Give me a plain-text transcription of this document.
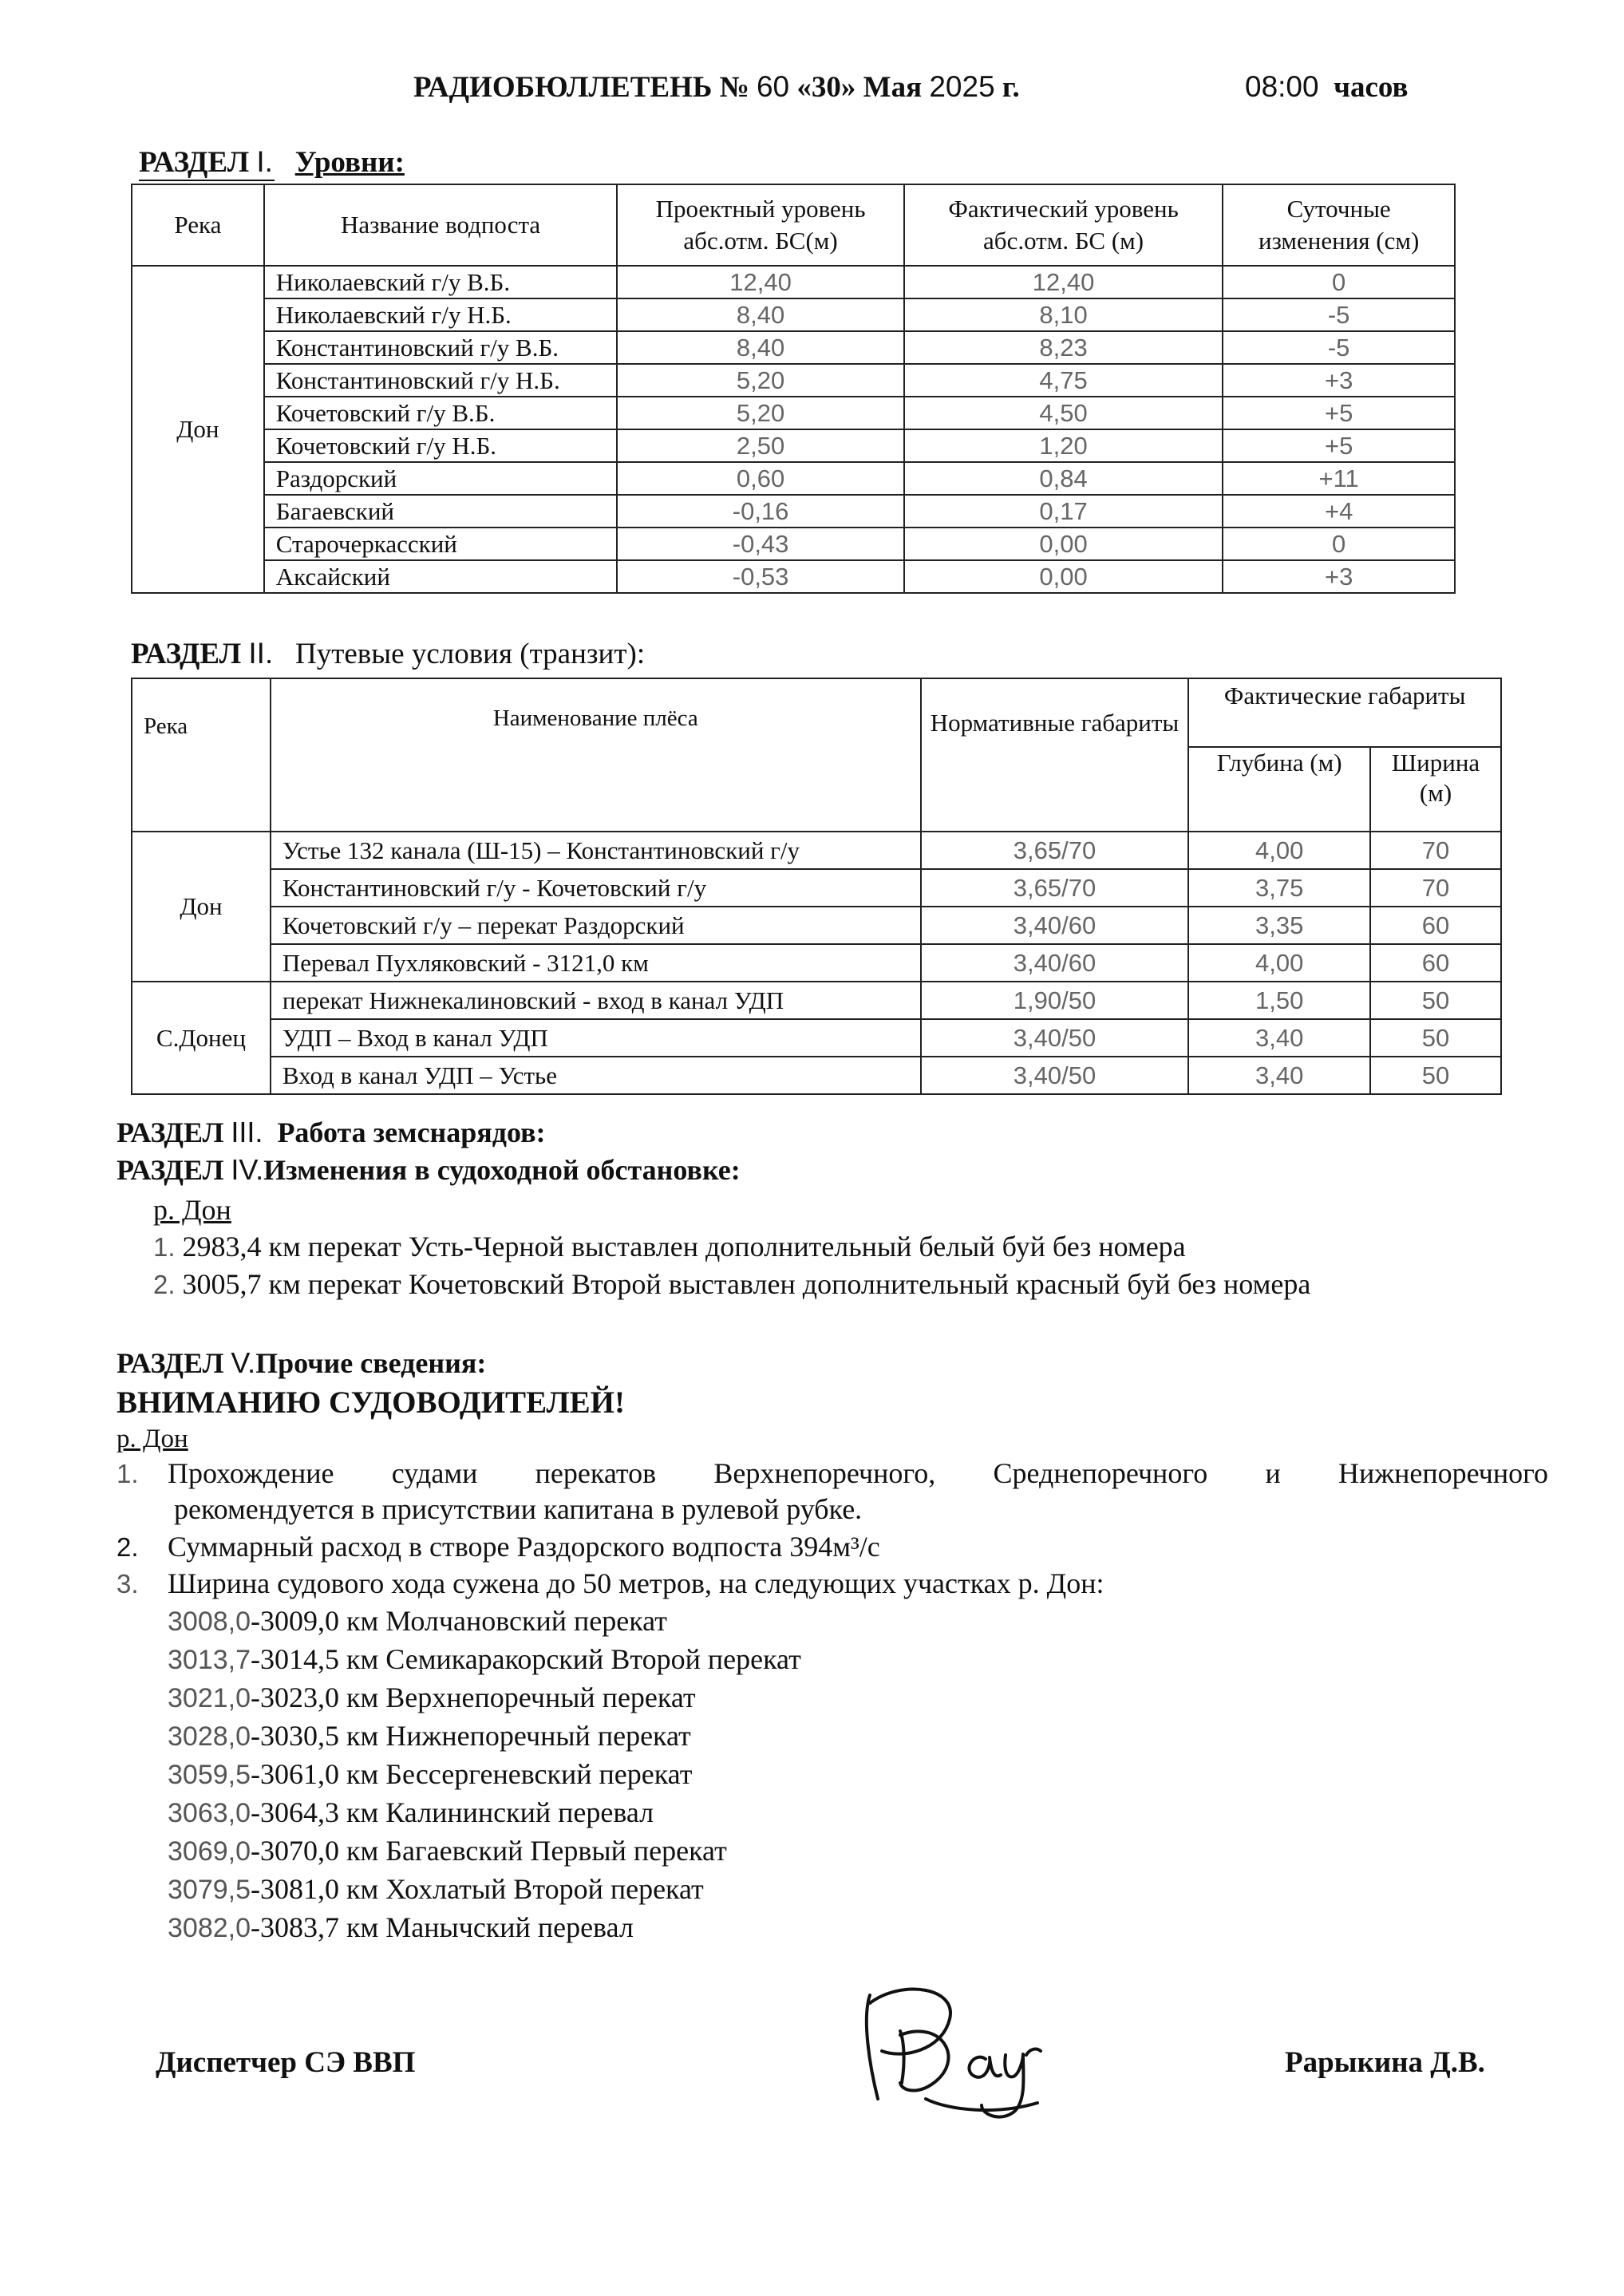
РАДИОБЮЛЛЕТЕНЬ № 60 «30» Мая 2025 г.	08:00 часов
РАЗДЕЛ I. Уровни:
Река	Название водпоста	Проектный уровень абс.отм. БС(м)	Фактический уровень абс.отм. БС (м)	Суточные изменения (см)
Дон	Николаевский г/у В.Б.	12,40	12,40	0
	Николаевский г/у Н.Б.	8,40	8,10	-5
	Константиновский г/у В.Б.	8,40	8,23	-5
	Константиновский г/у Н.Б.	5,20	4,75	+3
	Кочетовский г/у В.Б.	5,20	4,50	+5
	Кочетовский г/у Н.Б.	2,50	1,20	+5
	Раздорский	0,60	0,84	+11
	Багаевский	-0,16	0,17	+4
	Старочеркасский	-0,43	0,00	0
	Аксайский	-0,53	0,00	+3
РАЗДЕЛ II. Путевые условия (транзит):
Река	Наименование плёса	Нормативные габариты	Фактические габариты	
			Глубина (м)	Ширина (м)
Дон	Устье 132 канала (Ш-15) – Константиновский г/у	3,65/70	4,00	70
	Константиновский г/у - Кочетовский г/у	3,65/70	3,75	70
	Кочетовский г/у – перекат Раздорский	3,40/60	3,35	60
	Перевал Пухляковский - 3121,0 км	3,40/60	4,00	60
С.Донец	перекат Нижнекалиновский - вход в канал УДП	1,90/50	1,50	50
	УДП – Вход в канал УДП	3,40/50	3,40	50
	Вход в канал УДП – Устье	3,40/50	3,40	50
РАЗДЕЛ III. Работа земснарядов:
РАЗДЕЛ IV.Изменения в судоходной обстановке:
р. Дон
1. 2983,4 км перекат Усть-Черной выставлен дополнительный белый буй без номера
2. 3005,7 км перекат Кочетовский Второй выставлен дополнительный красный буй без номера
РАЗДЕЛ V.Прочие сведения:
ВНИМАНИЮ СУДОВОДИТЕЛЕЙ!
р. Дон
1. Прохождение судами перекатов Верхнепоречного, Среднепоречного и Нижнепоречного
рекомендуется в присутствии капитана в рулевой рубке.
2. Суммарный расход в створе Раздорского водпоста 394м³/с
3. Ширина судового хода сужена до 50 метров, на следующих участках р. Дон:
3008,0-3009,0 км Молчановский перекат
3013,7-3014,5 км Семикаракорский Второй перекат
3021,0-3023,0 км Верхнепоречный перекат
3028,0-3030,5 км Нижнепоречный перекат
3059,5-3061,0 км Бессергеневский перекат
3063,0-3064,3 км Калининский перевал
3069,0-3070,0 км Багаевский Первый перекат
3079,5-3081,0 км Хохлатый Второй перекат
3082,0-3083,7 км Манычский перевал
Диспетчер СЭ ВВП	Рарыкина Д.В.
